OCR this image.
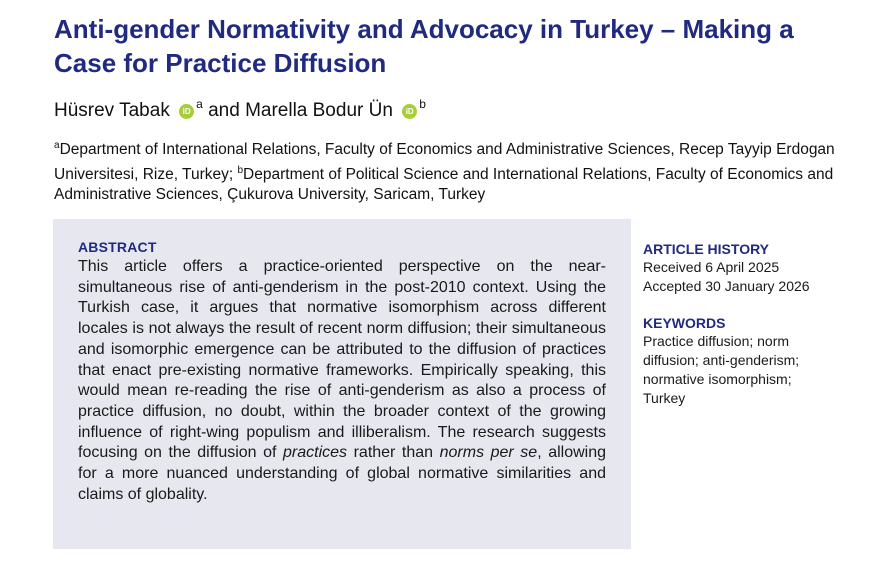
Anti-gender Normativity and Advocacy in Turkey – Making a Case for Practice Diffusion
Hüsrev Tabak $iD^a$ and Marella Bodur Ün $iD^b$
$^a$Department of International Relations, Faculty of Economics and Administrative Sciences, Recep Tayyip Erdogan Universitesi, Rize, Turkey; $^b$Department of Political Science and International Relations, Faculty of Economics and Administrative Sciences, Çukurova University, Saricam, Turkey
ABSTRACT
This article offers a practice-oriented perspective on the near-simultaneous rise of anti-genderism in the post-2010 context. Using the Turkish case, it argues that normative isomorphism across different locales is not always the result of recent norm diffusion; their simultaneous and isomorphic emergence can be attributed to the diffusion of practices that enact pre-existing normative frameworks. Empirically speaking, this would mean re-reading the rise of anti-genderism as also a process of practice diffusion, no doubt, within the broader context of the growing influence of right-wing populism and illiberalism. The research suggests focusing on the diffusion of practices rather than norms per se, allowing for a more nuanced understanding of global normative similarities and claims of globality.
ARTICLE HISTORY
Received 6 April 2025
Accepted 30 January 2026
KEYWORDS
Practice diffusion; norm diffusion; anti-genderism; normative isomorphism; Turkey
